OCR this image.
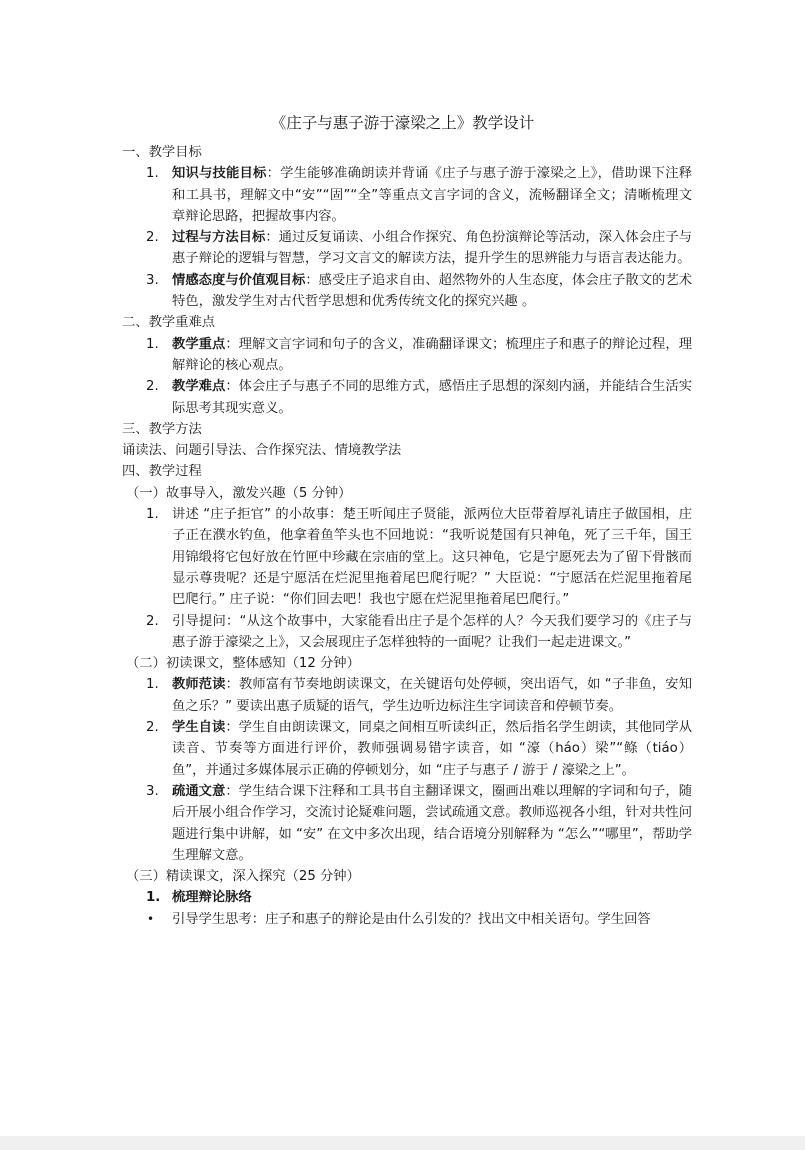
《庄子与惠子游于濠梁之上》教学设计
一、教学目标
1. 知识与技能目标：学生能够准确朗读并背诵《庄子与惠子游于濠梁之上》，借助课下注释和工具书，理解文中“安”“固”“全”等重点文言字词的含义，流畅翻译全文；清晰梳理文章辩论思路，把握故事内容。
2. 过程与方法目标：通过反复诵读、小组合作探究、角色扮演辩论等活动，深入体会庄子与惠子辩论的逻辑与智慧，学习文言文的解读方法，提升学生的思辨能力与语言表达能力。
3. 情感态度与价值观目标：感受庄子追求自由、超然物外的人生态度，体会庄子散文的艺术特色，激发学生对古代哲学思想和优秀传统文化的探究兴趣 。
二、教学重难点
1. 教学重点：理解文言字词和句子的含义，准确翻译课文；梳理庄子和惠子的辩论过程，理解辩论的核心观点。
2. 教学难点：体会庄子与惠子不同的思维方式，感悟庄子思想的深刻内涵，并能结合生活实际思考其现实意义。
三、教学方法
诵读法、问题引导法、合作探究法、情境教学法
四、教学过程
（一）故事导入，激发兴趣（5 分钟）
1. 讲述 “庄子拒官” 的小故事：楚王听闻庄子贤能，派两位大臣带着厚礼请庄子做国相，庄子正在濮水钓鱼，他拿着鱼竿头也不回地说：“我听说楚国有只神龟，死了三千年，国王用锦缎将它包好放在竹匣中珍藏在宗庙的堂上。这只神龟，它是宁愿死去为了留下骨骸而显示尊贵呢？还是宁愿活在烂泥里拖着尾巴爬行呢？” 大臣说：“宁愿活在烂泥里拖着尾巴爬行。” 庄子说：“你们回去吧！我也宁愿在烂泥里拖着尾巴爬行。”
2. 引导提问：“从这个故事中，大家能看出庄子是个怎样的人？今天我们要学习的《庄子与惠子游于濠梁之上》，又会展现庄子怎样独特的一面呢？让我们一起走进课文。”
（二）初读课文，整体感知（12 分钟）
1. 教师范读：教师富有节奏地朗读课文，在关键语句处停顿，突出语气，如 “子非鱼，安知鱼之乐？” 要读出惠子质疑的语气，学生边听边标注生字词读音和停顿节奏。
2. 学生自读：学生自由朗读课文，同桌之间相互听读纠正，然后指名学生朗读，其他同学从读音、节奏等方面进行评价，教师强调易错字读音，如 “濠（háo）梁”“鲦（tiáo）鱼”，并通过多媒体展示正确的停顿划分，如 “庄子与惠子 / 游于 / 濠梁之上”。
3. 疏通文意：学生结合课下注释和工具书自主翻译课文，圈画出难以理解的字词和句子，随后开展小组合作学习，交流讨论疑难问题，尝试疏通文意。教师巡视各小组，针对共性问题进行集中讲解，如 “安” 在文中多次出现，结合语境分别解释为 “怎么”“哪里”，帮助学生理解文意。
（三）精读课文，深入探究（25 分钟）
1. 梳理辩论脉络
• 引导学生思考：庄子和惠子的辩论是由什么引发的？找出文中相关语句。学生回答
